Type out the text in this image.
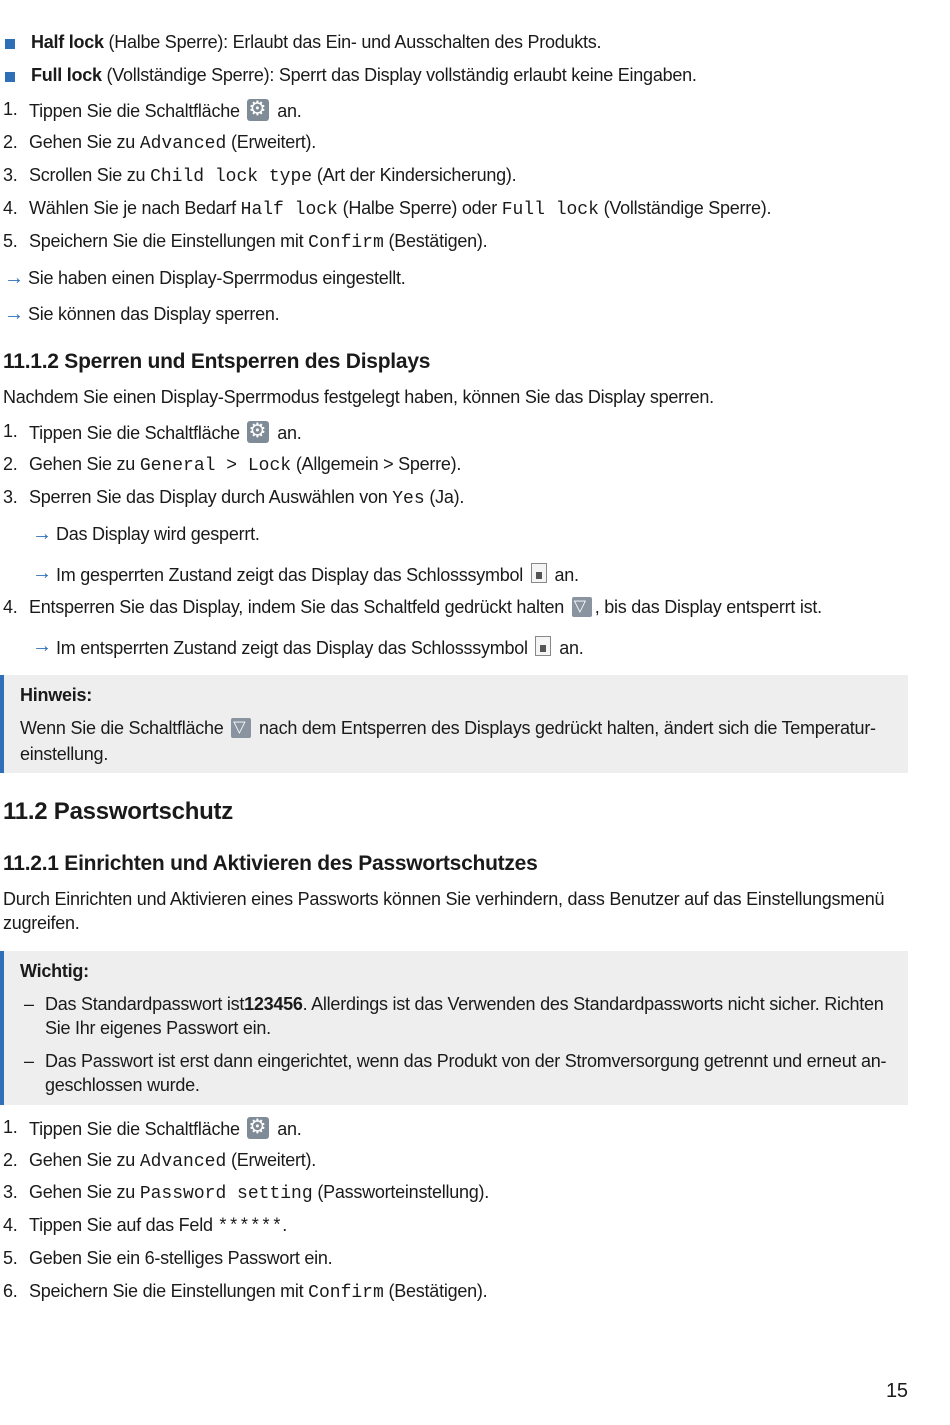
Half lock (Halbe Sperre): Erlaubt das Ein- und Ausschalten des Produkts.
Full lock (Vollständige Sperre): Sperrt das Display vollständig erlaubt keine Eingaben.
1. Tippen Sie die Schaltfläche ⚙ an.
2. Gehen Sie zu Advanced (Erweitert).
3. Scrollen Sie zu Child lock type (Art der Kindersicherung).
4. Wählen Sie je nach Bedarf Half lock (Halbe Sperre) oder Full lock (Vollständige Sperre).
5. Speichern Sie die Einstellungen mit Confirm (Bestätigen).
→ Sie haben einen Display-Sperrmodus eingestellt.
→ Sie können das Display sperren.
11.1.2 Sperren und Entsperren des Displays
Nachdem Sie einen Display-Sperrmodus festgelegt haben, können Sie das Display sperren.
1. Tippen Sie die Schaltfläche ⚙ an.
2. Gehen Sie zu General > Lock (Allgemein > Sperre).
3. Sperren Sie das Display durch Auswählen von Yes (Ja).
→ Das Display wird gesperrt.
→ Im gesperrten Zustand zeigt das Display das Schlosssymbol  an.
4. Entsperren Sie das Display, indem Sie das Schaltfeld gedrückt halten ▽, bis das Display entsperrt ist.
→ Im entsperrten Zustand zeigt das Display das Schlosssymbol  an.
Hinweis:
Wenn Sie die Schaltfläche ▽ nach dem Entsperren des Displays gedrückt halten, ändert sich die Temperatur-
einstellung.
11.2 Passwortschutz
11.2.1 Einrichten und Aktivieren des Passwortschutzes
Durch Einrichten und Aktivieren eines Passworts können Sie verhindern, dass Benutzer auf das Einstellungsmenü
zugreifen.
Wichtig:
– Das Standardpasswort ist123456. Allerdings ist das Verwenden des Standardpassworts nicht sicher. Richten
Sie Ihr eigenes Passwort ein.
– Das Passwort ist erst dann eingerichtet, wenn das Produkt von der Stromversorgung getrennt und erneut an-
geschlossen wurde.
1. Tippen Sie die Schaltfläche ⚙ an.
2. Gehen Sie zu Advanced (Erweitert).
3. Gehen Sie zu Password setting (Passworteinstellung).
4. Tippen Sie auf das Feld ******.
5. Geben Sie ein 6-stelliges Passwort ein.
6. Speichern Sie die Einstellungen mit Confirm (Bestätigen).
15
